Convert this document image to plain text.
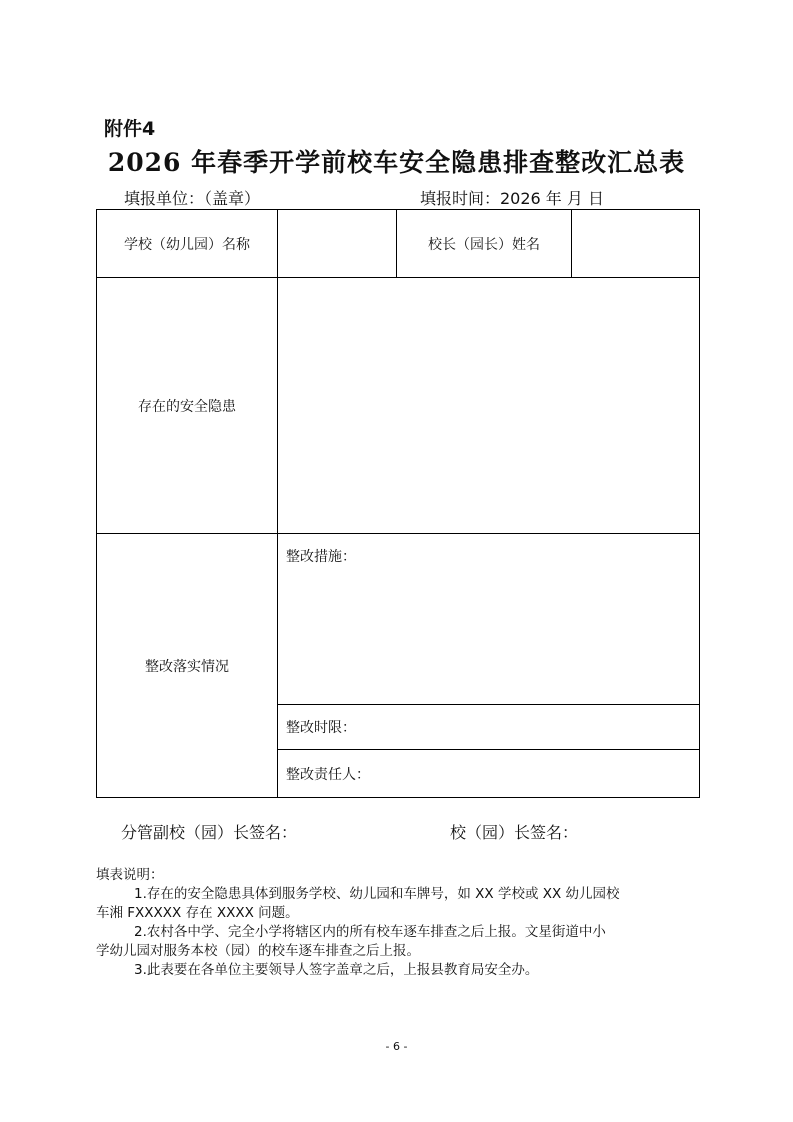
附件4
2026 年春季开学前校车安全隐患排查整改汇总表
填报单位：（盖章）	填报时间：2026 年 月 日
学校（幼儿园）名称	校长（园长）姓名
存在的安全隐患
整改落实情况
整改措施：
整改时限：
整改责任人：
分管副校（园）长签名：	校（园）长签名：
填表说明：
1.存在的安全隐患具体到服务学校、幼儿园和车牌号，如 XX 学校或 XX 幼儿园校
车湘 FXXXXX 存在 XXXX 问题。
2.农村各中学、完全小学将辖区内的所有校车逐车排查之后上报。文星街道中小
学幼儿园对服务本校（园）的校车逐车排查之后上报。
3.此表要在各单位主要领导人签字盖章之后，上报县教育局安全办。
- 6 -
